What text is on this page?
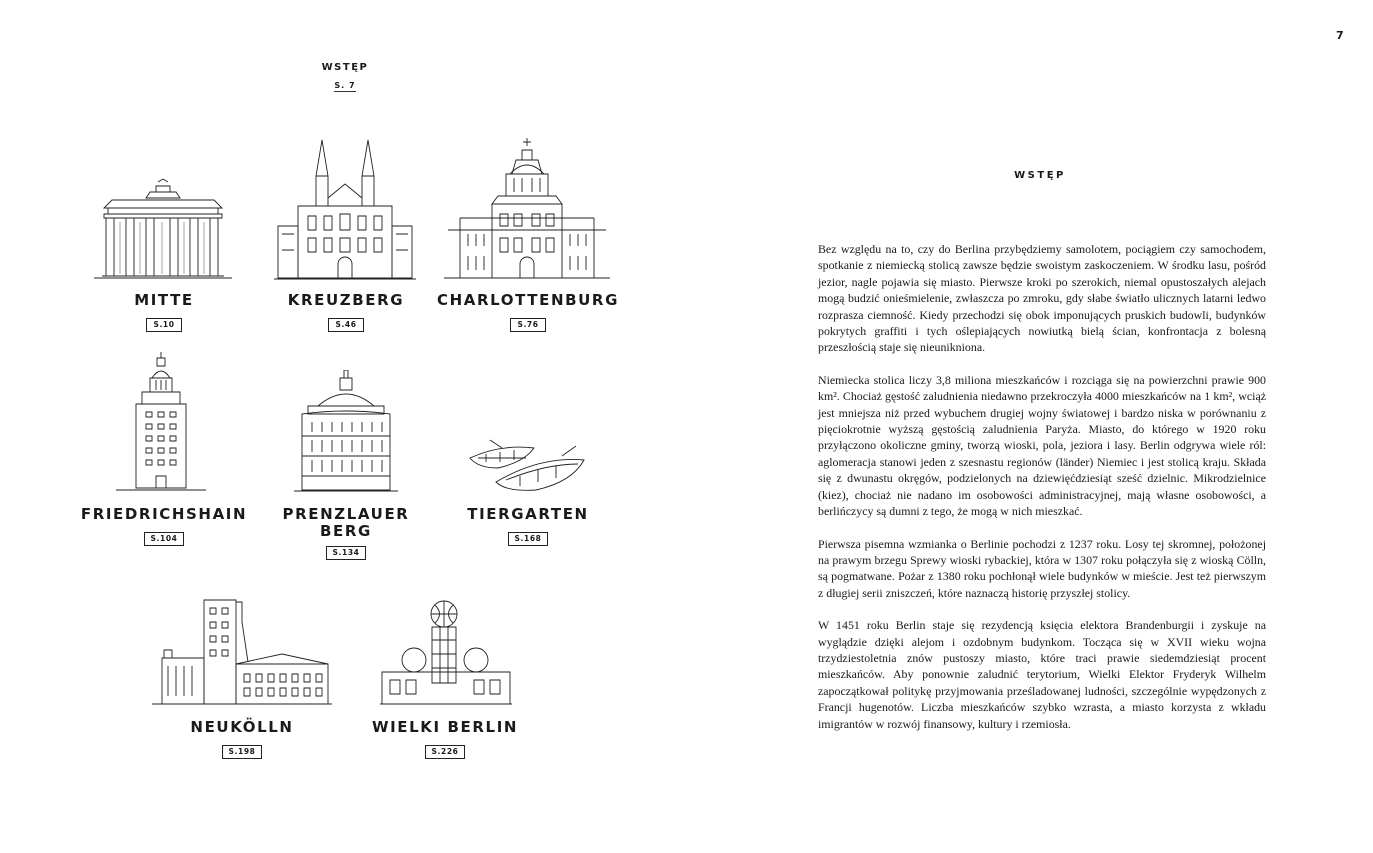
7
WSTĘP
S. 7
MITTE
S.10
KREUZBERG
S.46
CHARLOTTENBURG
S.76
FRIEDRICHSHAIN
S.104
PRENZLAUER BERG
S.134
TIERGARTEN
S.168
NEUKÖLLN
S.198
WIELKI BERLIN
S.226
WSTĘP

Bez względu na to, czy do Berlina przybędziemy samolotem, pociągiem czy samochodem, spotkanie z niemiecką stolicą zawsze będzie swoistym zaskoczeniem. W środku lasu, pośród jezior, nagle pojawia się miasto. Pierwsze kroki po szerokich, niemal opustoszałych alejach mogą budzić onieśmielenie, zwłaszcza po zmroku, gdy słabe światło ulicznych latarni ledwo rozprasza ciemność. Kiedy przechodzi się obok imponujących pruskich budowli, budynków pokrytych graffiti i tych oślepiających nowiutką bielą ścian, konfrontacja z bolesną przeszłością staje się nieunikniona.

Niemiecka stolica liczy 3,8 miliona mieszkańców i rozciąga się na powierzchni prawie 900 km². Chociaż gęstość zaludnienia niedawno przekroczyła 4000 mieszkańców na 1 km², wciąż jest mniejsza niż przed wybuchem drugiej wojny światowej i bardzo niska w porównaniu z pięciokrotnie wyższą gęstością zaludnienia Paryża. Miasto, do którego w 1920 roku przyłączono okoliczne gminy, tworzą wioski, pola, jeziora i lasy. Berlin odgrywa wiele ról: aglomeracja stanowi jeden z szesnastu regionów (länder) Niemiec i jest stolicą kraju. Składa się z dwunastu okręgów, podzielonych na dziewięćdziesiąt sześć dzielnic. Mikrodzielnice (kiez), chociaż nie nadano im osobowości administracyjnej, mają własne osobowości, a berlińczycy są dumni z tego, że mogą w nich mieszkać.

Pierwsza pisemna wzmianka o Berlinie pochodzi z 1237 roku. Losy tej skromnej, położonej na prawym brzegu Sprewy wioski rybackiej, która w 1307 roku połączyła się z wioską Cölln, są pogmatwane. Pożar z 1380 roku pochłonął wiele budynków w mieście. Jest też pierwszym z długiej serii zniszczeń, które naznaczą historię przyszłej stolicy.

W 1451 roku Berlin staje się rezydencją księcia elektora Brandenburgii i zyskuje na wyglądzie dzięki alejom i ozdobnym budynkom. Tocząca się w XVII wieku wojna trzydziestoletnia znów pustoszy miasto, które traci prawie siedemdziesiąt procent mieszkańców. Aby ponownie zaludnić terytorium, Wielki Elektor Fryderyk Wilhelm zapoczątkował politykę przyjmowania prześladowanej ludności, szczególnie wypędzonych z Francji hugenotów. Liczba mieszkańców szybko wzrasta, a miasto korzysta z wkładu imigrantów w rozwój finansowy, kultury i rzemiosła.
